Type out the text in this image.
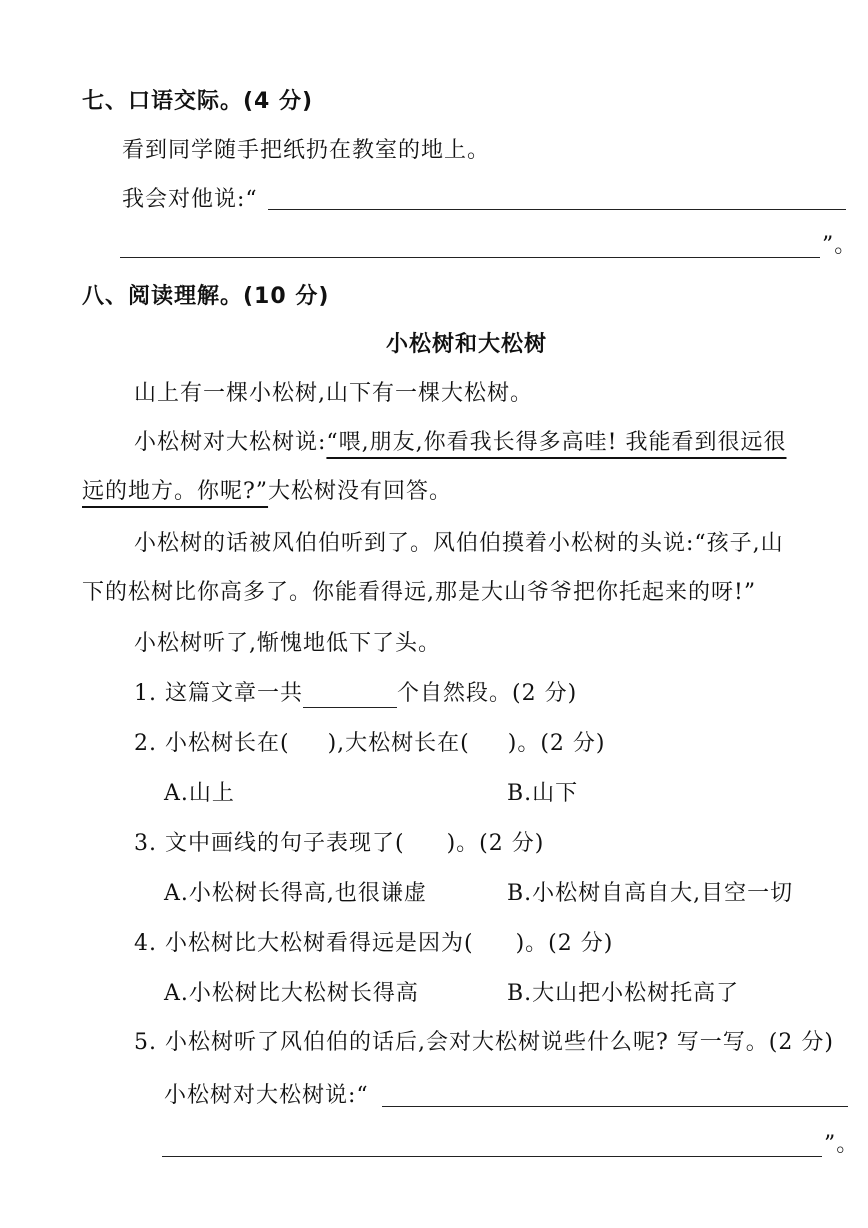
七、口语交际。(4 分)
看到同学随手把纸扔在教室的地上。
我会对他说:“
”。
八、阅读理解。(10 分)
小松树和大松树
山上有一棵小松树,山下有一棵大松树。
小松树对大松树说:“喂,朋友,你看我长得多高哇! 我能看到很远很
远的地方。你呢?”大松树没有回答。
小松树的话被风伯伯听到了。风伯伯摸着小松树的头说:“孩子,山
下的松树比你高多了。你能看得远,那是大山爷爷把你托起来的呀!”
小松树听了,惭愧地低下了头。
1. 这篇文章一共	个自然段。(2 分)
2. 小松树长在( ),大松树长在( )。(2 分)
A.山上	B.山下
3. 文中画线的句子表现了( )。(2 分)
A.小松树长得高,也很谦虚	B.小松树自高自大,目空一切
4. 小松树比大松树看得远是因为( )。(2 分)
A.小松树比大松树长得高	B.大山把小松树托高了
5. 小松树听了风伯伯的话后,会对大松树说些什么呢? 写一写。(2 分)
小松树对大松树说:“
”。
